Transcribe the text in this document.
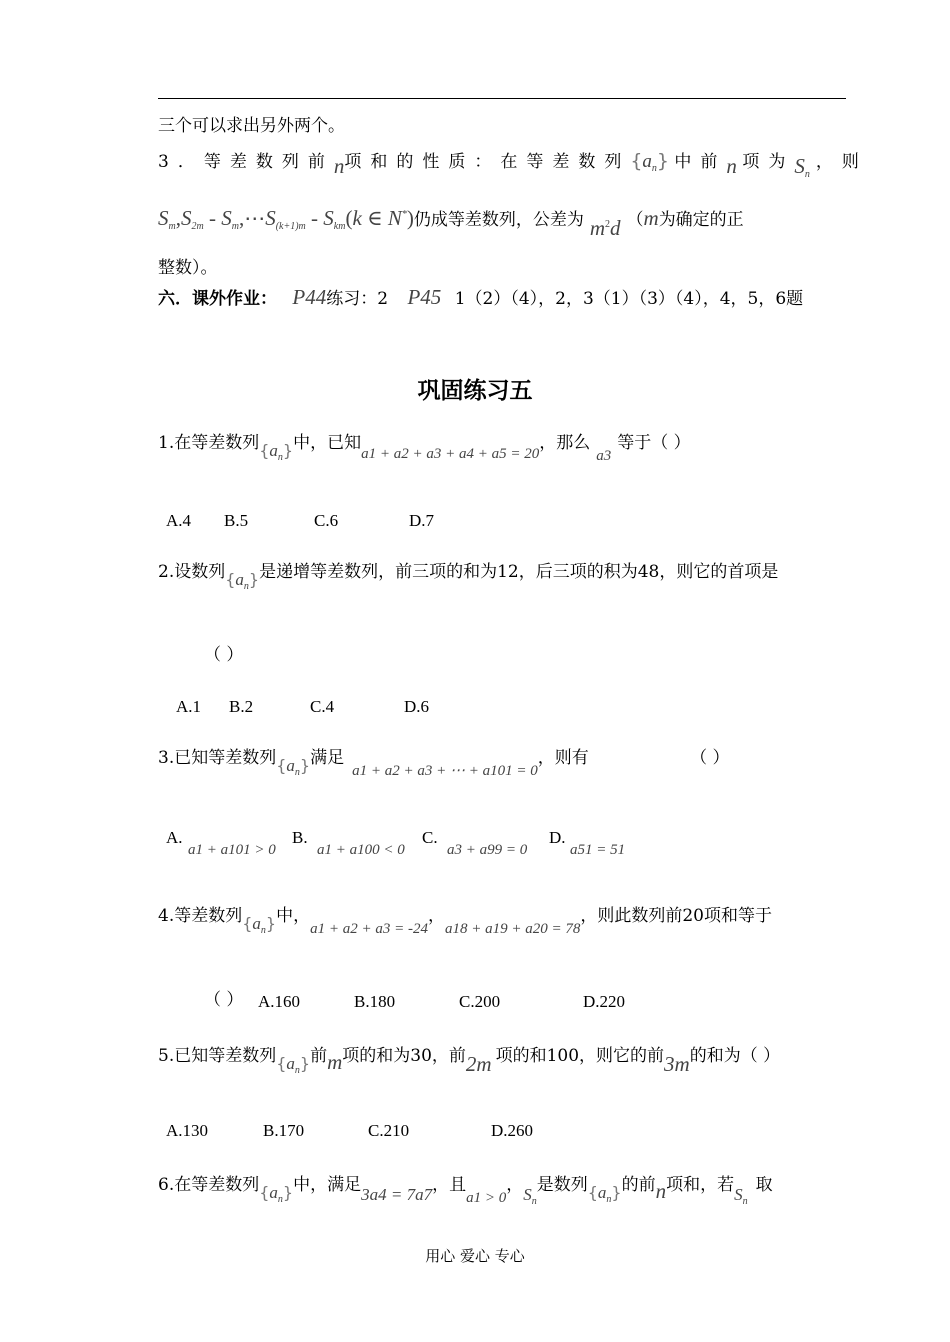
三个可以求出另外两个。
3．等差数列前n项和的性质：在等差数列$\{a_n\}$ 中前n 项为$S_n$，则
$S_m,S_{2m}$ - $S_m,\cdots S_{(k+1)m} - S_{km}(k$ ∈ N*)仍成等差数列，公差为 $m^2d$ （m为确定的正
整数）。
六．课外作业： P44练习：2 P45 1（2）（4），2，3（1）（3）（4），4，5，6题
巩固练习五
1.在等差数列$\{a_n\}$中，已知a1 + a2 + a3 + a4 + a5 = 20，那么a3等于（ ）
A.4 B.5	C.6	D.7
2.设数列$\{a_n\}$是递增等差数列，前三项的和为12，后三项的积为48，则它的首项是
（ ）
A.1 B.2	C.4	D.6
3.已知等差数列$\{a_n\}$满足a1 + a2 + a3 + ⋯ + a101 = 0，则有	（ ）
A.
a1 + a101 > 0
B.
a1 + a100 < 0
C.
a3 + a99 = 0
D.
a51 = 51
4.等差数列$\{a_n\}$中，a1 + a2 + a3 = -24，a18 + a19 + a20 = 78，则此数列前20项和等于
（ ） A.160	B.180	C.200	D.220
5.已知等差数列$\{a_n\}$前m项的和为30，前2m 项的和100，则它的前3m的和为（ ）
A.130	B.170	C.210	D.260
6.在等差数列$\{a_n\}$中，满足3a4 = 7a7，且a1 > 0，$S_n$是数列$\{a_n\}$的前n项和，若$S_n$取
用心 爱心 专心
